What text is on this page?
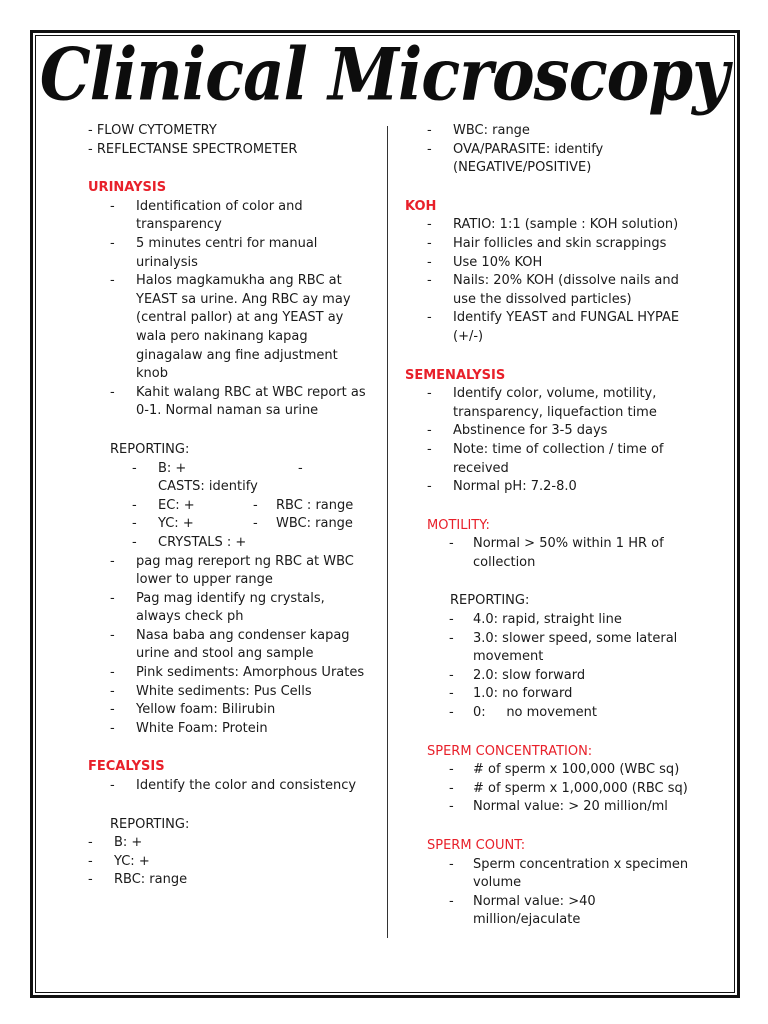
Clinical Microscopy
- FLOW CYTOMETRY
- REFLECTANSE SPECTROMETER
URINAYSIS
- Identification of color and transparency
- 5 minutes centri for manual urinalysis
- Halos magkamukha ang RBC at YEAST sa urine. Ang RBC ay may (central pallor) at ang YEAST ay wala pero nakinang kapag ginagalaw ang fine adjustment knob
- Kahit walang RBC at WBC report as 0-1. Normal naman sa urine
REPORTING:
- B: +	-
CASTS: identify
- EC: +	- RBC : range
- YC: +	- WBC: range
- CRYSTALS : +
- pag mag rereport ng RBC at WBC lower to upper range
- Pag mag identify ng crystals, always check ph
- Nasa baba ang condenser kapag urine and stool ang sample
- Pink sediments: Amorphous Urates
- White sediments: Pus Cells
- Yellow foam: Bilirubin
- White Foam: Protein
FECALYSIS
- Identify the color and consistency
REPORTING:
- B: +
- YC: +
- RBC: range
- WBC: range
- OVA/PARASITE: identify (NEGATIVE/POSITIVE)
KOH
- RATIO: 1:1 (sample : KOH solution)
- Hair follicles and skin scrappings
- Use 10% KOH
- Nails: 20% KOH (dissolve nails and use the dissolved particles)
- Identify YEAST and FUNGAL HYPAE (+/-)
SEMENALYSIS
- Identify color, volume, motility, transparency, liquefaction time
- Abstinence for 3-5 days
- Note: time of collection / time of received
- Normal pH: 7.2-8.0
MOTILITY:
- Normal > 50% within 1 HR of collection
REPORTING:
- 4.0: rapid, straight line
- 3.0: slower speed, some lateral movement
- 2.0: slow forward
- 1.0: no forward
- 0:     no movement
SPERM CONCENTRATION:
- # of sperm x 100,000 (WBC sq)
- # of sperm x 1,000,000 (RBC sq)
- Normal value: > 20 million/ml
SPERM COUNT:
- Sperm concentration x specimen volume
- Normal value: >40 million/ejaculate
